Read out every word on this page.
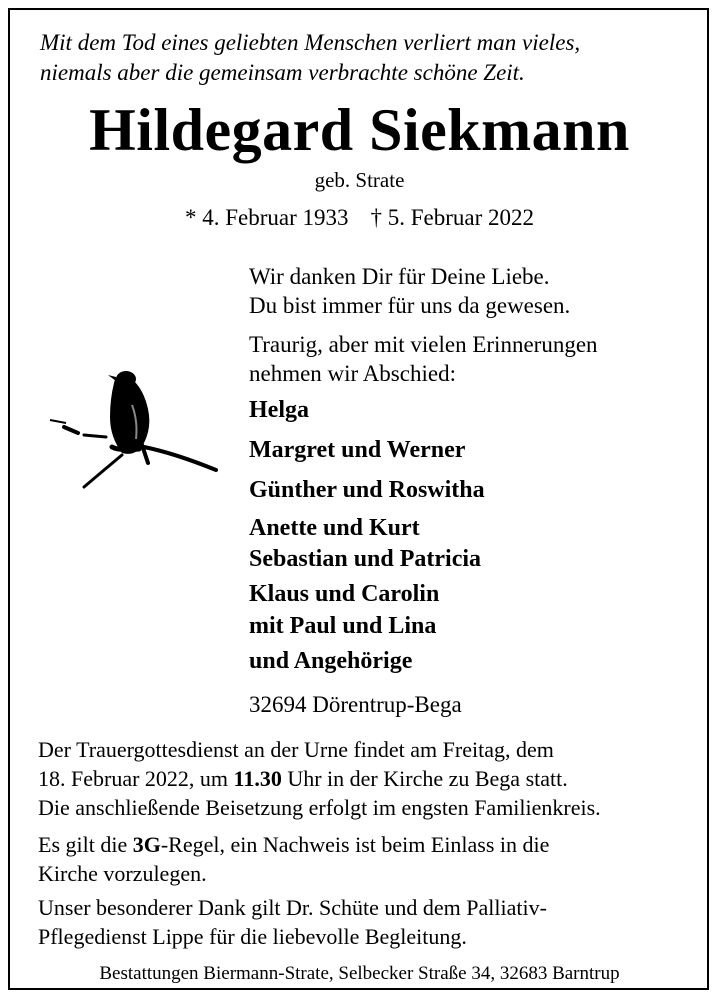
Mit dem Tod eines geliebten Menschen verliert man vieles,
niemals aber die gemeinsam verbrachte schöne Zeit.
Hildegard Siekmann
geb. Strate
* 4. Februar 1933 † 5. Februar 2022
Wir danken Dir für Deine Liebe.
Du bist immer für uns da gewesen.
Traurig, aber mit vielen Erinnerungen
nehmen wir Abschied:
Helga
Margret und Werner
Günther und Roswitha
Anette und Kurt
Sebastian und Patricia
Klaus und Carolin
mit Paul und Lina
und Angehörige
32694 Dörentrup-Bega
Der Trauergottesdienst an der Urne findet am Freitag, dem
18. Februar 2022, um 11.30 Uhr in der Kirche zu Bega statt.
Die anschließende Beisetzung erfolgt im engsten Familienkreis.
Es gilt die 3G-Regel, ein Nachweis ist beim Einlass in die
Kirche vorzulegen.
Unser besonderer Dank gilt Dr. Schüte und dem Palliativ-
Pflegedienst Lippe für die liebevolle Begleitung.
Bestattungen Biermann-Strate, Selbecker Straße 34, 32683 Barntrup
